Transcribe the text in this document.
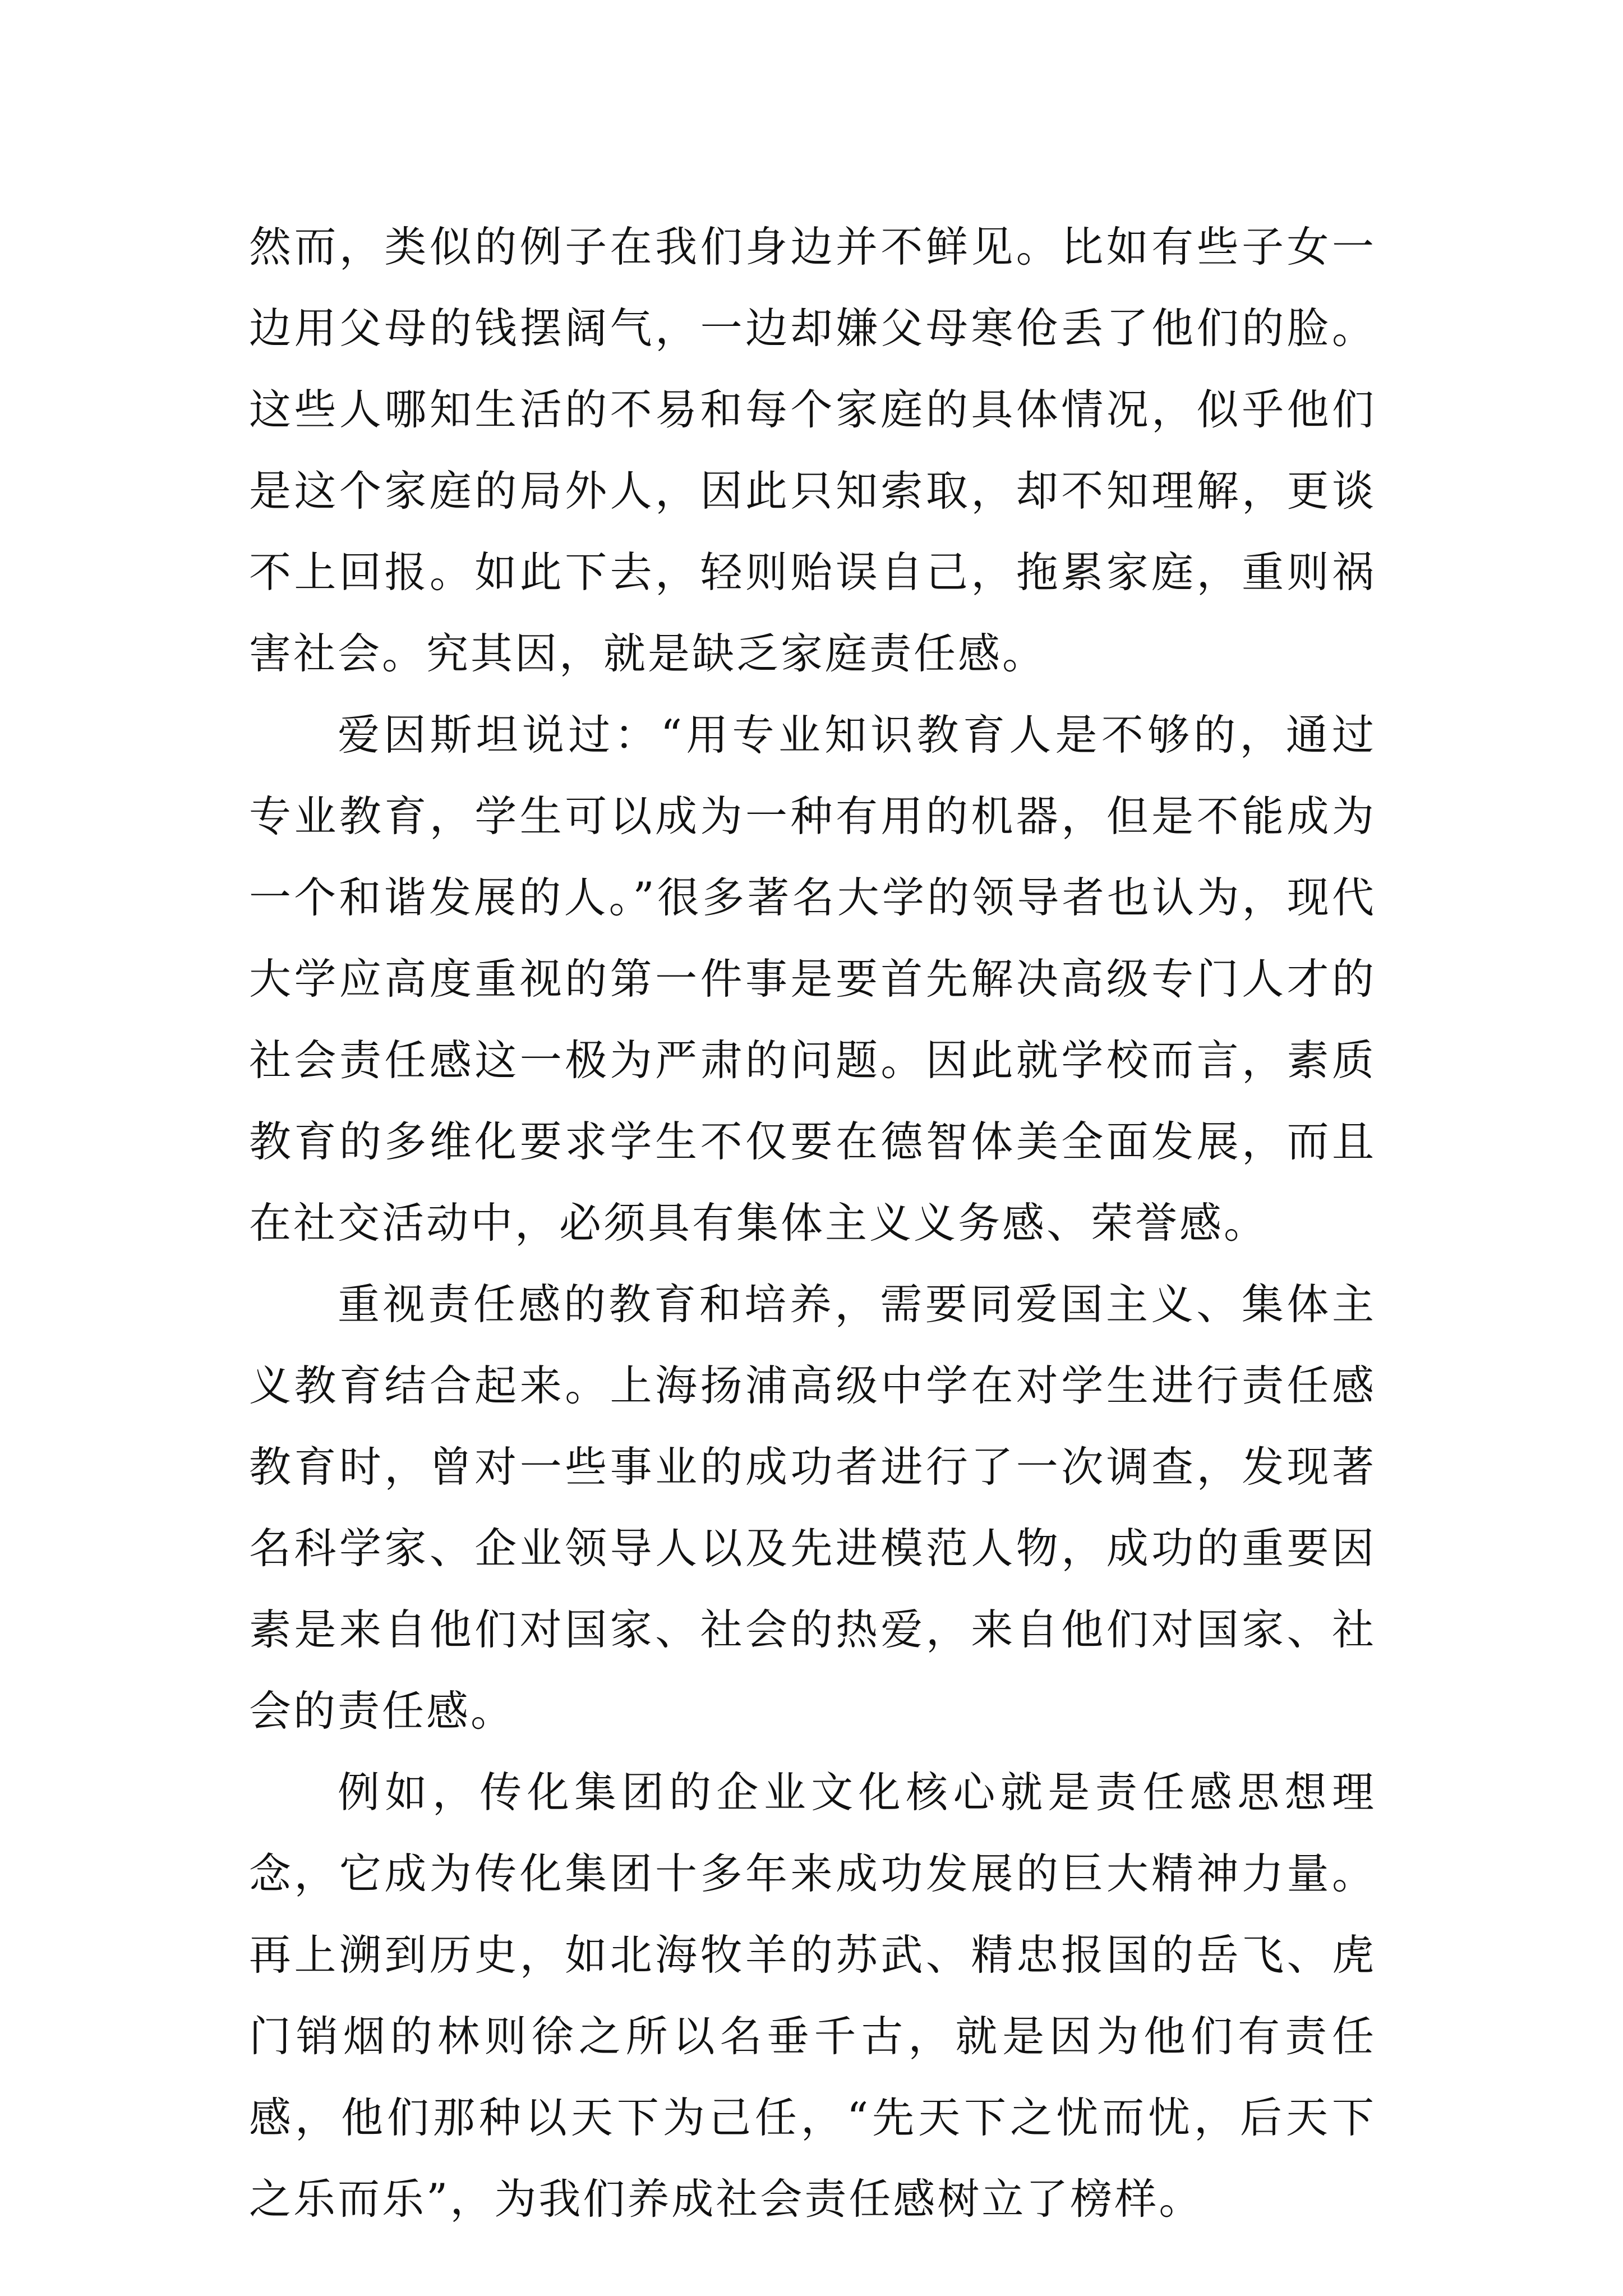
然而，类似的例子在我们身边并不鲜见。比如有些子女一边用父母的钱摆阔气，一边却嫌父母寒伧丢了他们的脸。这些人哪知生活的不易和每个家庭的具体情况，似乎他们是这个家庭的局外人，因此只知索取，却不知理解，更谈不上回报。如此下去，轻则贻误自己，拖累家庭，重则祸害社会。究其因，就是缺乏家庭责任感。

爱因斯坦说过：“用专业知识教育人是不够的，通过专业教育，学生可以成为一种有用的机器，但是不能成为一个和谐发展的人。”很多著名大学的领导者也认为，现代大学应高度重视的第一件事是要首先解决高级专门人才的社会责任感这一极为严肃的问题。因此就学校而言，素质教育的多维化要求学生不仅要在德智体美全面发展，而且在社交活动中，必须具有集体主义义务感、荣誉感。

重视责任感的教育和培养，需要同爱国主义、集体主义教育结合起来。上海扬浦高级中学在对学生进行责任感教育时，曾对一些事业的成功者进行了一次调查，发现著名科学家、企业领导人以及先进模范人物，成功的重要因素是来自他们对国家、社会的热爱，来自他们对国家、社会的责任感。

例如，传化集团的企业文化核心就是责任感思想理念，它成为传化集团十多年来成功发展的巨大精神力量。再上溯到历史，如北海牧羊的苏武、精忠报国的岳飞、虎门销烟的林则徐之所以名垂千古，就是因为他们有责任感，他们那种以天下为己任，“先天下之忧而忧，后天下之乐而乐”，为我们养成社会责任感树立了榜样。
